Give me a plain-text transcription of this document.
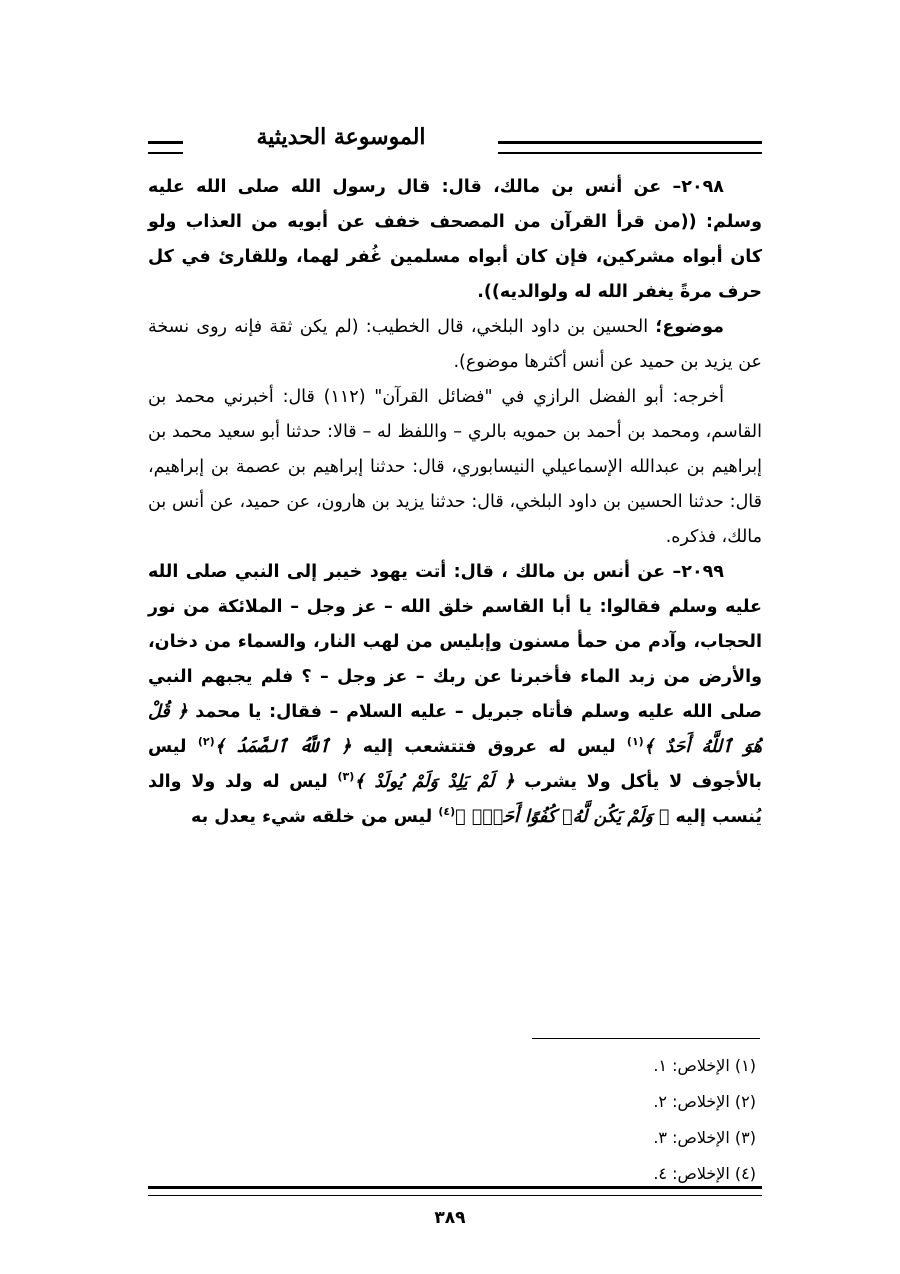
الموسوعة الحديثية

٢٠٩٨– عن أنس بن مالك، قال: قال رسول الله صلى الله عليه وسلم: ((من قرأ القرآن من المصحف خفف عن أبويه من العذاب ولو كان أبواه مشركين، فإن كان أبواه مسلمين غُفر لهما، وللقارئ في كل حرف مرةً يغفر الله له ولوالديه)).

موضوع؛ الحسين بن داود البلخي، قال الخطيب: (لم يكن ثقة فإنه روى نسخة عن يزيد بن حميد عن أنس أكثرها موضوع).

أخرجه: أبو الفضل الرازي في "فضائل القرآن" (١١٢) قال: أخبرني محمد بن القاسم، ومحمد بن أحمد بن حمويه بالري – واللفظ له – قالا: حدثنا أبو سعيد محمد بن إبراهيم بن عبدالله الإسماعيلي النيسابوري، قال: حدثنا إبراهيم بن عصمة بن إبراهيم، قال: حدثنا الحسين بن داود البلخي، قال: حدثنا يزيد بن هارون، عن حميد، عن أنس بن مالك، فذكره.

٢٠٩٩– عن أنس بن مالك ، قال: أتت يهود خيبر إلى النبي صلى الله عليه وسلم فقالوا: يا أبا القاسم خلق الله – عز وجل – الملائكة من نور الحجاب، وآدم من حمأ مسنون وإبليس من لهب النار، والسماء من دخان، والأرض من زبد الماء فأخبرنا عن ربك – عز وجل – ؟ فلم يجبهم النبي صلى الله عليه وسلم فأتاه جبريل – عليه السلام – فقال: يا محمد ﴿ قُلْ هُوَ ٱللَّهُ أَحَدٌ ﴾$^{(١)}$ ليس له عروق فتتشعب إليه ﴿ ٱللَّهُ ٱلصَّمَدُ ﴾$^{(٢)}$ ليس بالأجوف لا يأكل ولا يشرب ﴿ لَمْ يَلِدْ وَلَمْ يُولَدْ ﴾$^{(٣)}$ ليس له ولد ولا والد يُنسب إليه ﴿ وَلَمْ يَكُن لَّهُۥ كُفُوًا أَحَدٌۢ ﴾$^{(٤)}$ ليس من خلقه شيء يعدل به

(١) الإخلاص: ١.
(٢) الإخلاص: ٢.
(٣) الإخلاص: ٣.
(٤) الإخلاص: ٤.
٣٨٩
